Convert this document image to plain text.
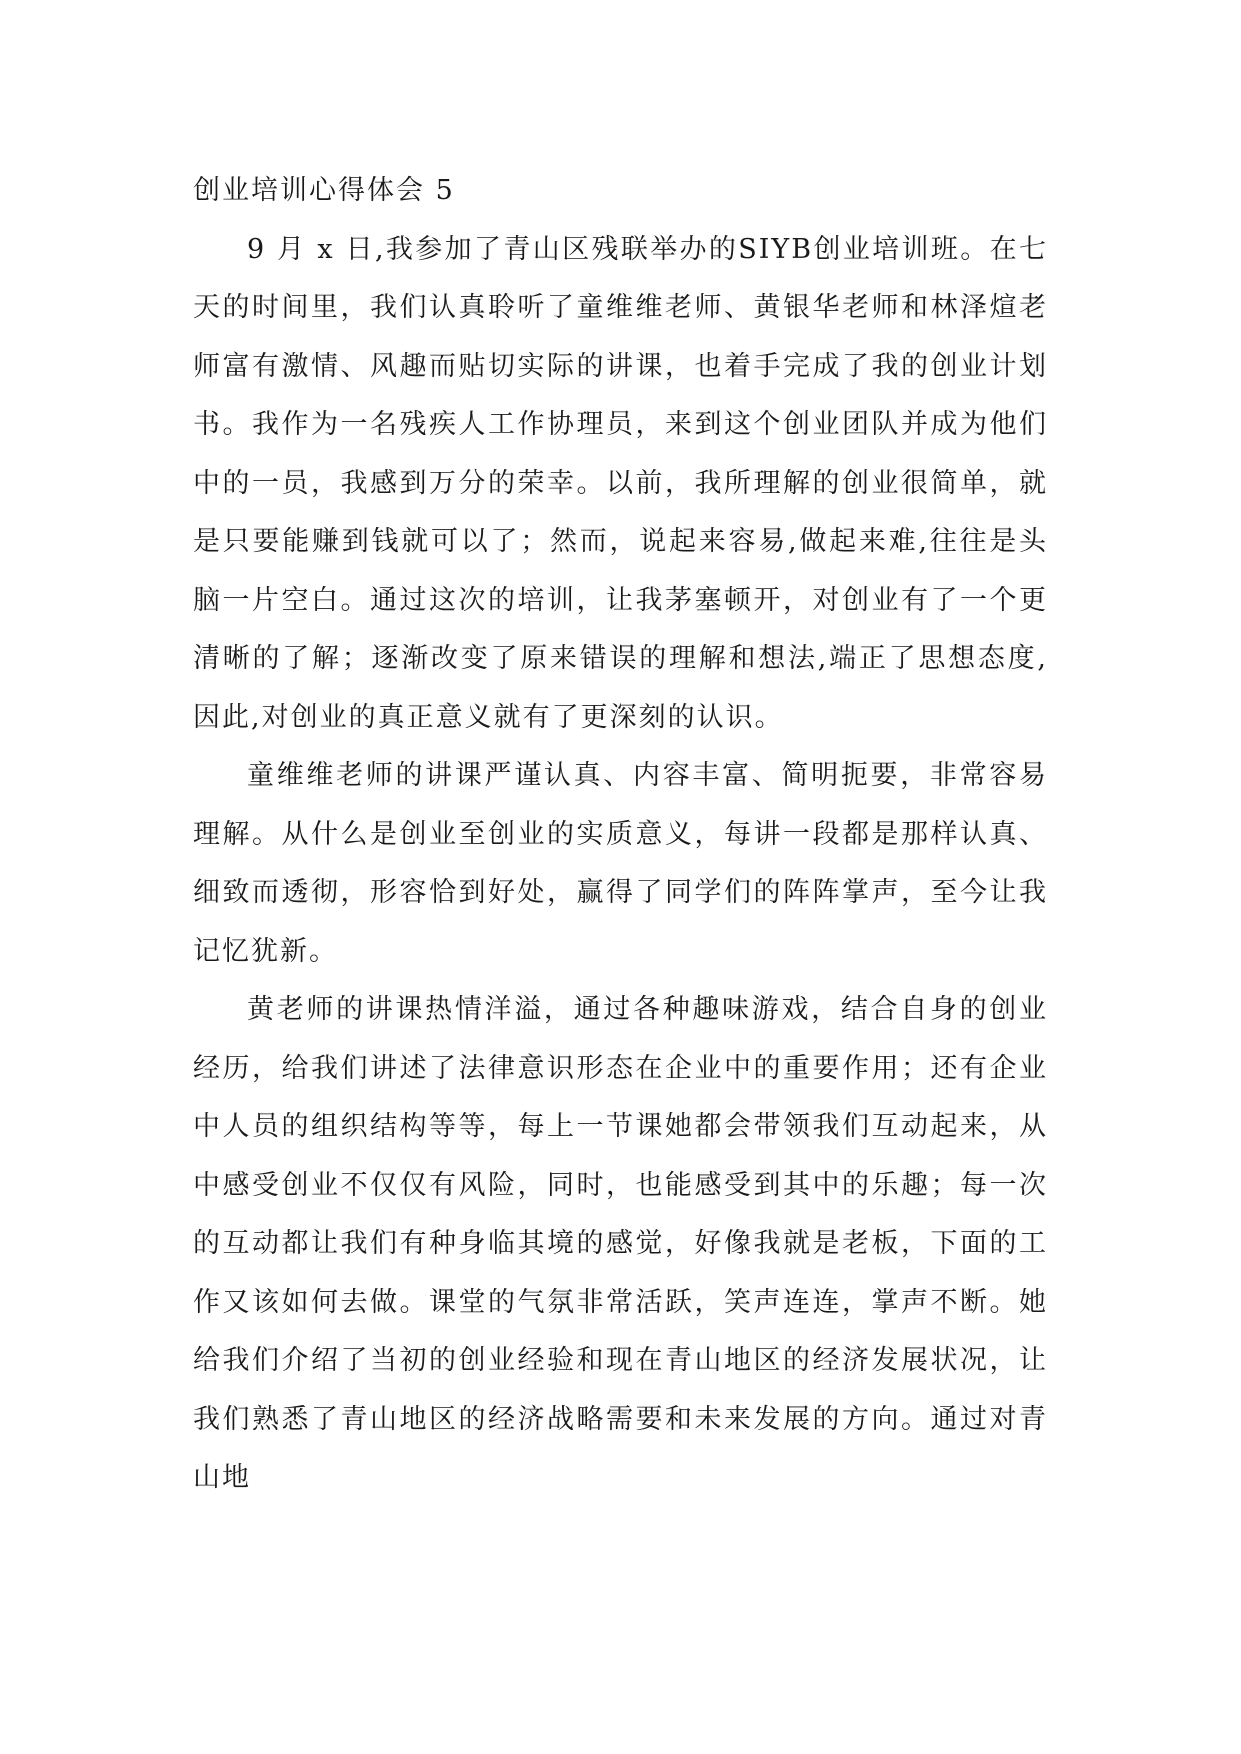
创业培训心得体会 5

9 月 x 日,我参加了青山区残联举办的SIYB创业培训班。在七天的时间里，我们认真聆听了童维维老师、黄银华老师和林泽煊老师富有激情、风趣而贴切实际的讲课，也着手完成了我的创业计划书。我作为一名残疾人工作协理员，来到这个创业团队并成为他们中的一员，我感到万分的荣幸。以前，我所理解的创业很简单，就是只要能赚到钱就可以了；然而，说起来容易,做起来难,往往是头脑一片空白。通过这次的培训，让我茅塞顿开，对创业有了一个更清晰的了解；逐渐改变了原来错误的理解和想法,端正了思想态度,因此,对创业的真正意义就有了更深刻的认识。

童维维老师的讲课严谨认真、内容丰富、简明扼要，非常容易理解。从什么是创业至创业的实质意义，每讲一段都是那样认真、细致而透彻，形容恰到好处，赢得了同学们的阵阵掌声，至今让我记忆犹新。

黄老师的讲课热情洋溢，通过各种趣味游戏，结合自身的创业经历，给我们讲述了法律意识形态在企业中的重要作用；还有企业中人员的组织结构等等，每上一节课她都会带领我们互动起来，从中感受创业不仅仅有风险，同时，也能感受到其中的乐趣；每一次的互动都让我们有种身临其境的感觉，好像我就是老板，下面的工作又该如何去做。课堂的气氛非常活跃，笑声连连，掌声不断。她给我们介绍了当初的创业经验和现在青山地区的经济发展状况，让我们熟悉了青山地区的经济战略需要和未来发展的方向。通过对青山地
